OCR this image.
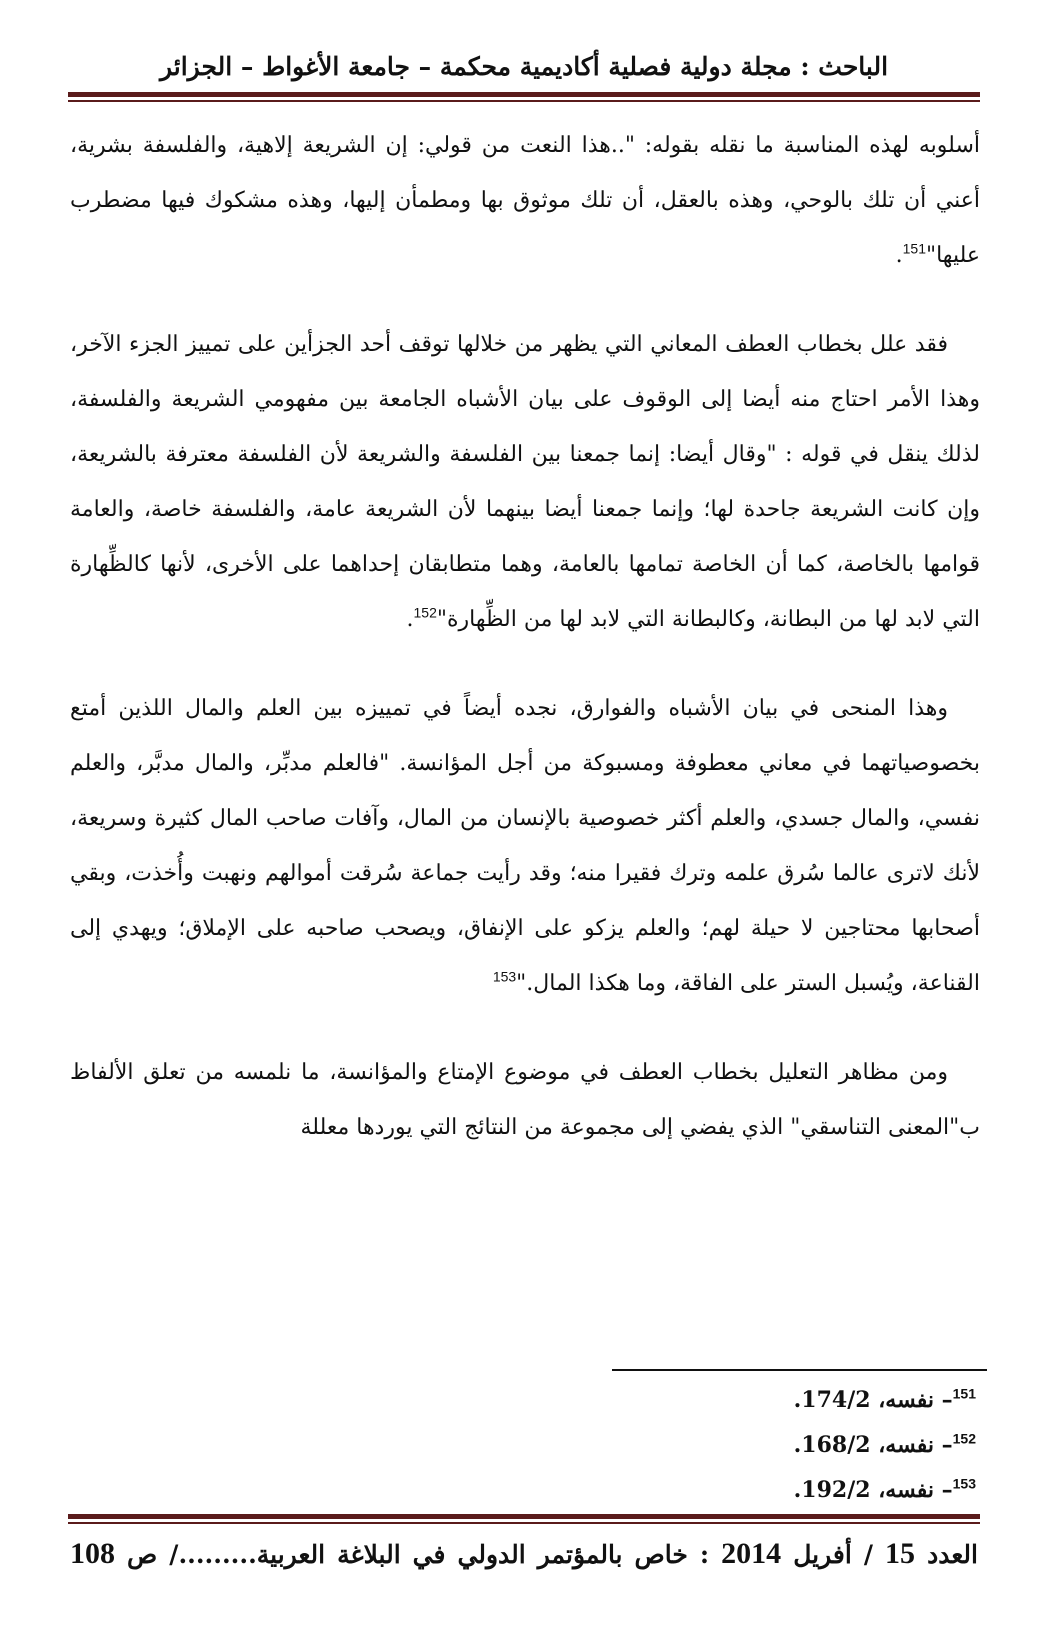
الباحث : مجلة دولية فصلية أكاديمية محكمة – جامعة الأغواط – الجزائر

أسلوبه لهذه المناسبة ما نقله بقوله: "..هذا النعت من قولي: إن الشريعة إلاهية، والفلسفة بشرية، أعني أن تلك بالوحي، وهذه بالعقل، أن تلك موثوق بها ومطمأن إليها، وهذه مشكوك فيها مضطرب عليها"$^{151}$.

فقد علل بخطاب العطف المعاني التي يظهر من خلالها توقف أحد الجزأين على تمييز الجزء الآخر، وهذا الأمر احتاج منه أيضا إلى الوقوف على بيان الأشباه الجامعة بين مفهومي الشريعة والفلسفة، لذلك ينقل في قوله : "وقال أيضا: إنما جمعنا بين الفلسفة والشريعة لأن الفلسفة معترفة بالشريعة، وإن كانت الشريعة جاحدة لها؛ وإنما جمعنا أيضا بينهما لأن الشريعة عامة، والفلسفة خاصة، والعامة قوامها بالخاصة، كما أن الخاصة تمامها بالعامة، وهما متطابقان إحداهما على الأخرى، لأنها كالظِّهارة التي لابد لها من البطانة، وكالبطانة التي لابد لها من الظِّهارة"$^{152}$.

وهذا المنحى في بيان الأشباه والفوارق، نجده أيضاً في تمييزه بين العلم والمال اللذين أمتع بخصوصياتهما في معاني معطوفة ومسبوكة من أجل المؤانسة. "فالعلم مدبِّر، والمال مدبَّر، والعلم نفسي، والمال جسدي، والعلم أكثر خصوصية بالإنسان من المال، وآفات صاحب المال كثيرة وسريعة، لأنك لاترى عالما سُرق علمه وترك فقيرا منه؛ وقد رأيت جماعة سُرقت أموالهم ونهبت وأُخذت، وبقي أصحابها محتاجين لا حيلة لهم؛ والعلم يزكو على الإنفاق، ويصحب صاحبه على الإملاق؛ ويهدي إلى القناعة، ويُسبل الستر على الفاقة، وما هكذا المال."$^{153}$

ومن مظاهر التعليل بخطاب العطف في موضوع الإمتاع والمؤانسة، ما نلمسه من تعلق الألفاظ ب"المعنى التناسقي" الذي يفضي إلى مجموعة من النتائج التي يوردها معللة

$^{151}$– نفسه، 174/2.
$^{152}$– نفسه، 168/2.
$^{153}$– نفسه، 192/2.
العدد 15 / أفريل 2014 : خاص بالمؤتمر الدولي في البلاغة العربية........./ ص 108
